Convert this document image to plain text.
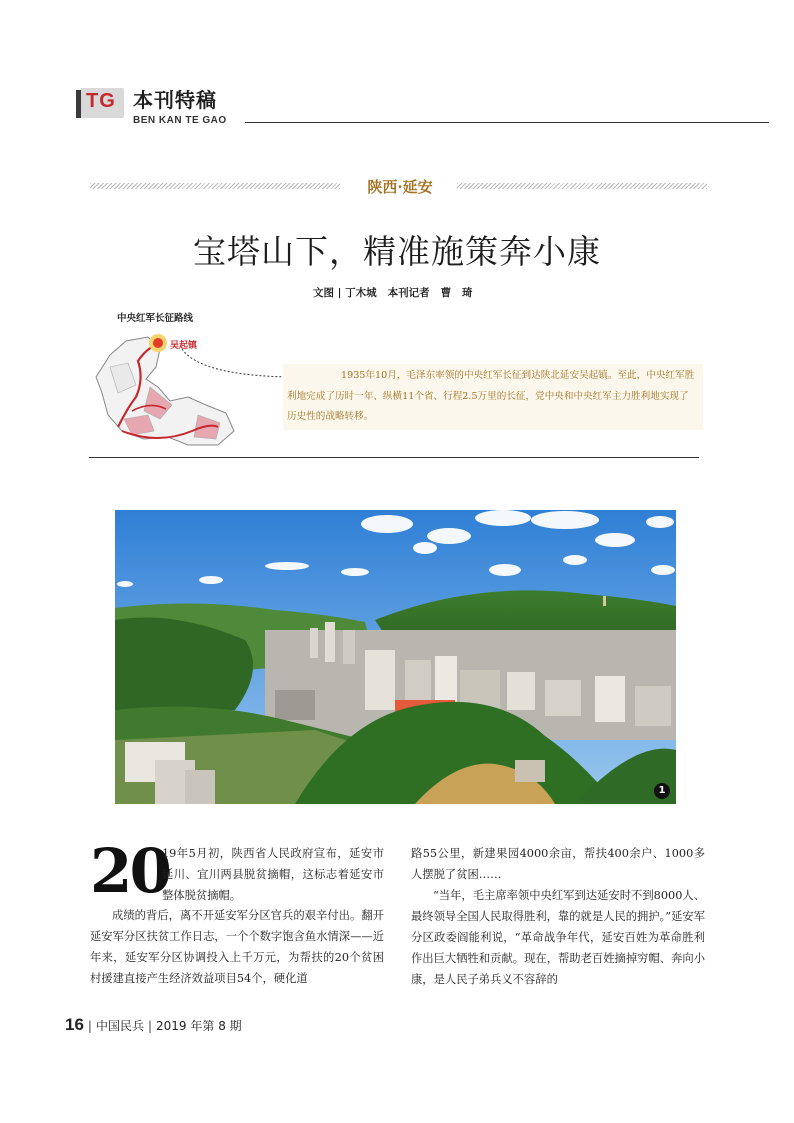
TG 本刊特稿
BEN KAN TE GAO
陕西·延安
宝塔山下，精准施策奔小康
文图 | 丁木城   本刊记者   曹   琦
中央红军长征路线
吴起镇
1935年10月，毛泽东率领的中央红军长征到达陕北延安吴起镇。至此，中央红军胜利地完成了历时一年、纵横11个省、行程2.5万里的长征，党中央和中央红军主力胜利地实现了历史性的战略转移。
1
20
19年5月初，陕西省人民政府宣布，延安市延川、宜川两县脱贫摘帽，这标志着延安市整体脱贫摘帽。
成绩的背后，离不开延安军分区官兵的艰辛付出。翻开延安军分区扶贫工作日志，一个个数字饱含鱼水情深——近年来，延安军分区协调投入上千万元，为帮扶的20个贫困村援建直接产生经济效益项目54个，硬化道
路55公里，新建果园4000余亩，帮扶400余户、1000多人摆脱了贫困……
“当年，毛主席率领中央红军到达延安时不到8000人、最终领导全国人民取得胜利，靠的就是人民的拥护。”延安军分区政委阎能利说，“革命战争年代，延安百姓为革命胜利作出巨大牺牲和贡献。现在，帮助老百姓摘掉穷帽、奔向小康，是人民子弟兵义不容辞的
16 | 中国民兵 | 2019 年第 8 期
